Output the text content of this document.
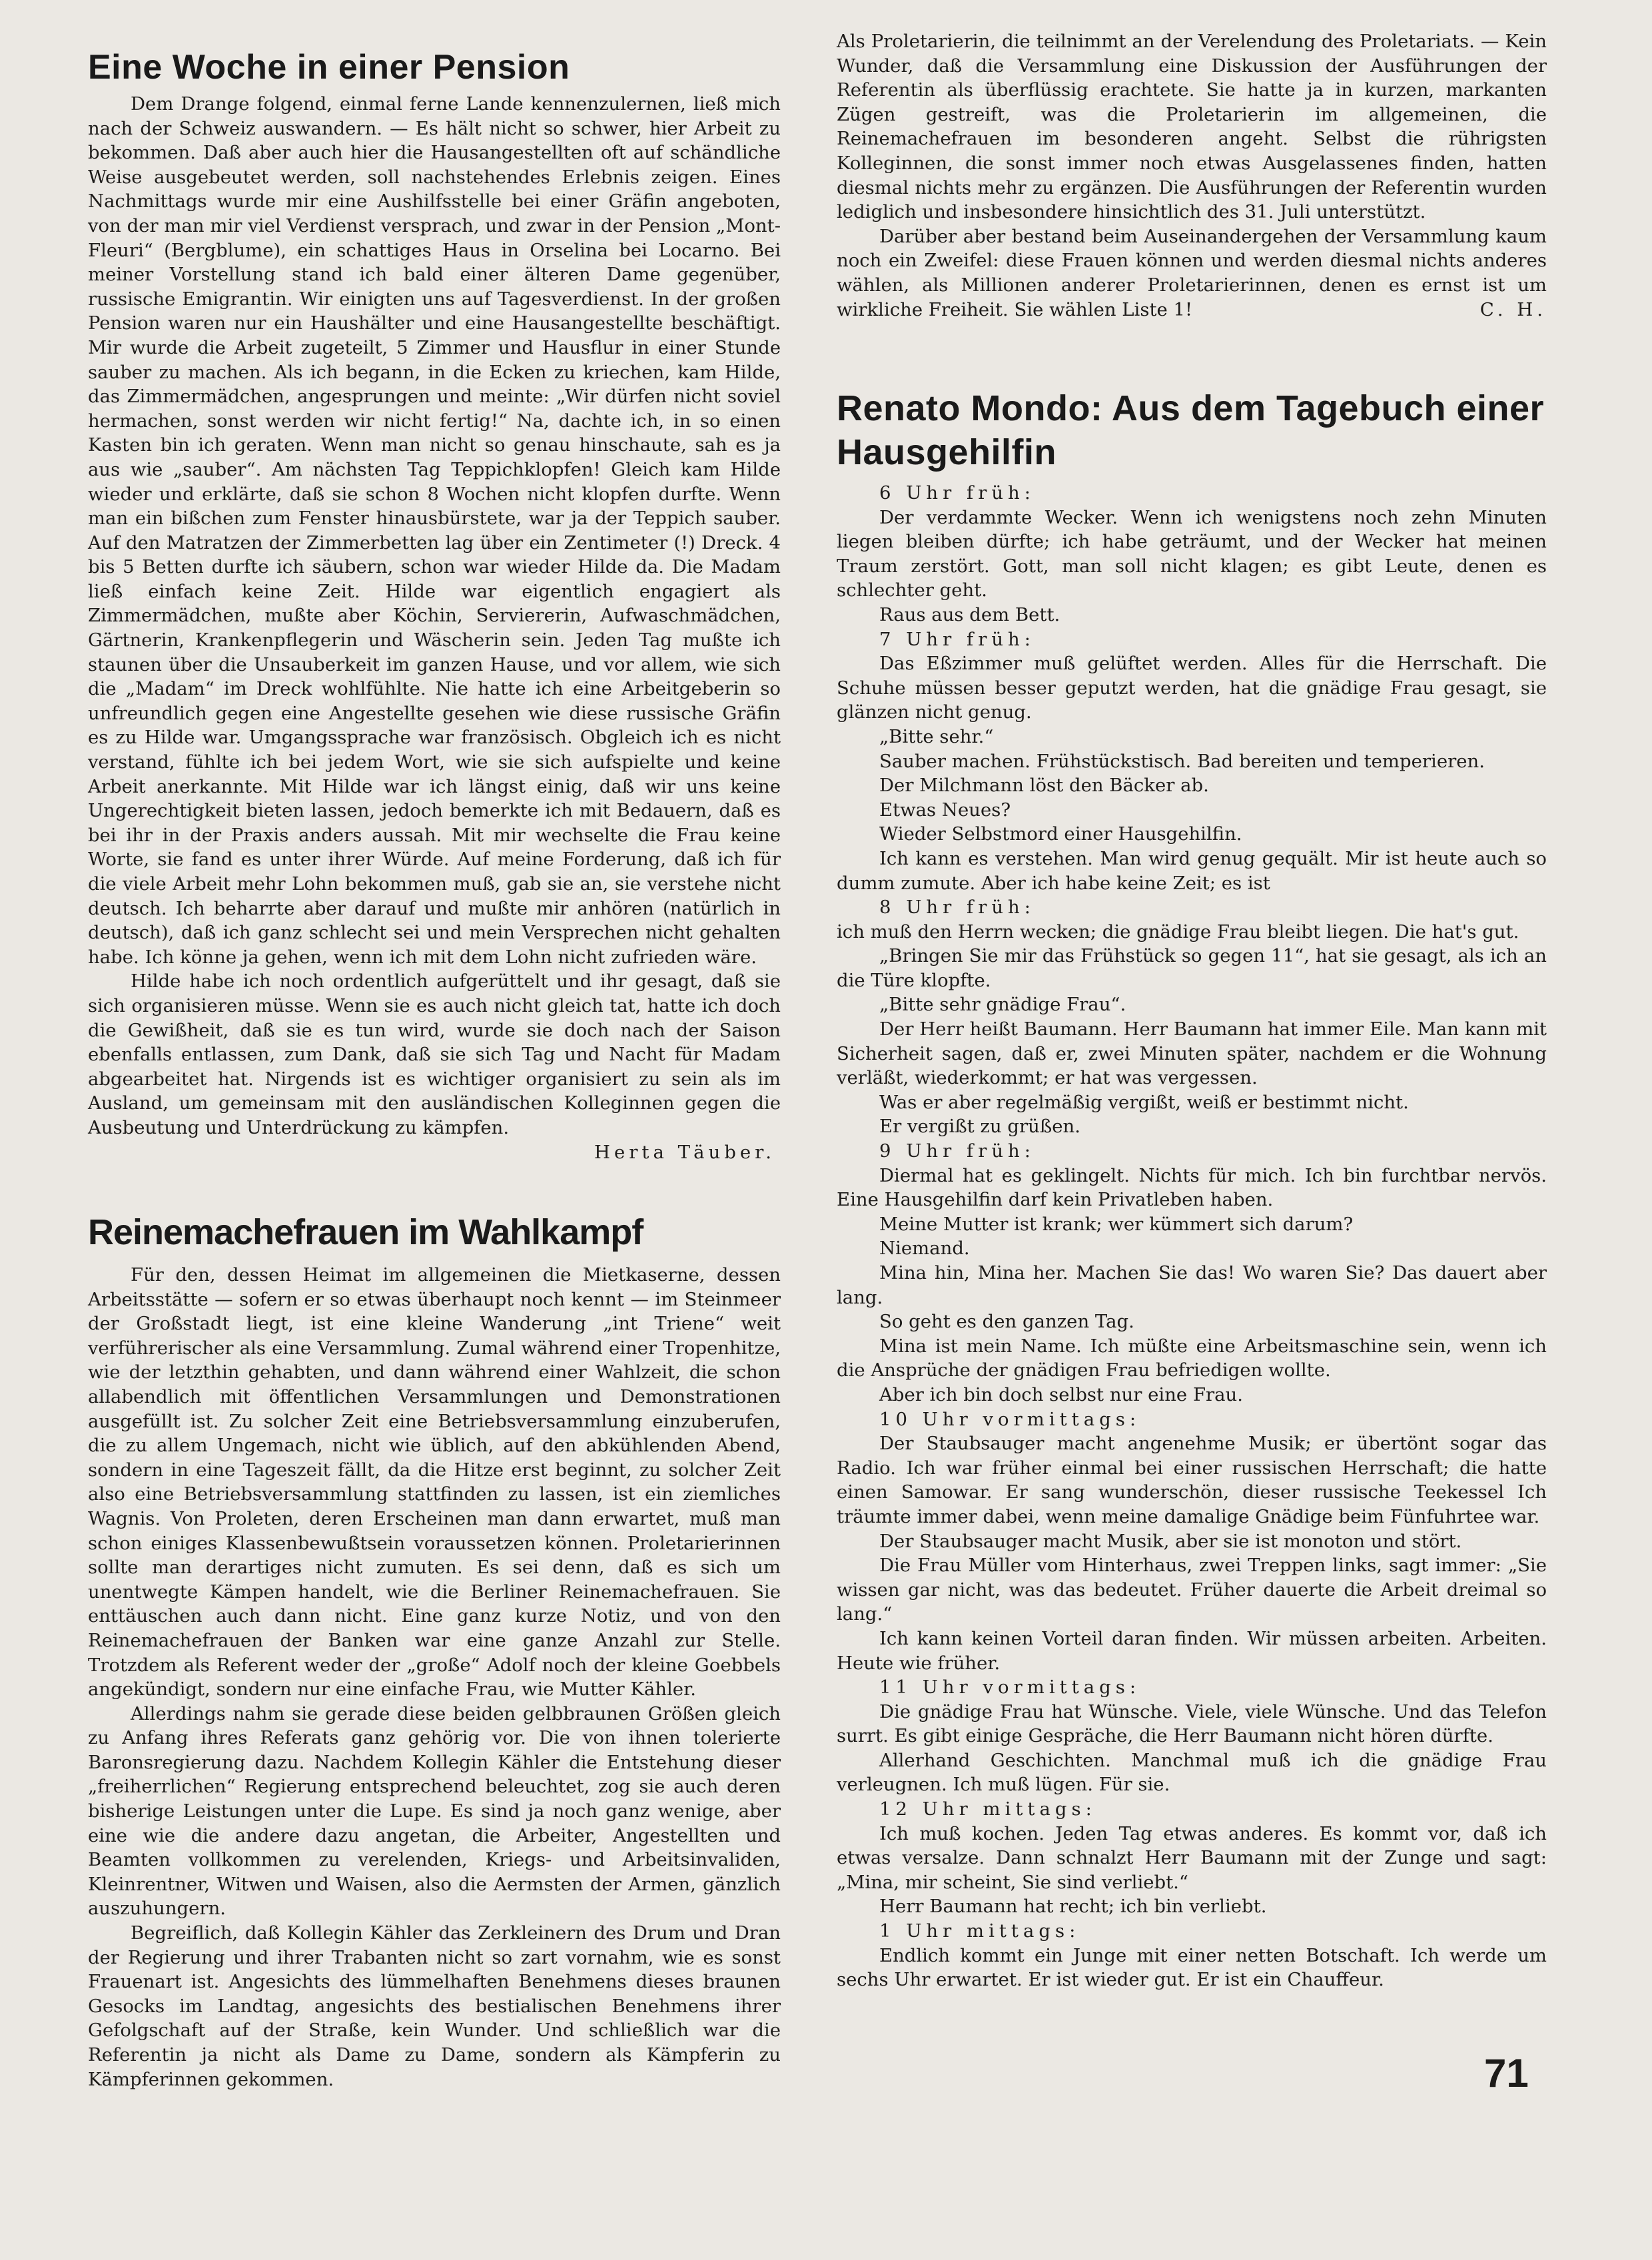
Eine Woche in einer Pension

Dem Drange folgend, einmal ferne Lande kennenzulernen, ließ mich nach der Schweiz auswandern. — Es hält nicht so schwer, hier Arbeit zu bekommen. Daß aber auch hier die Hausangestellten oft auf schändliche Weise ausgebeutet werden, soll nachstehendes Erlebnis zeigen. Eines Nachmittags wurde mir eine Aushilfsstelle bei einer Gräfin angeboten, von der man mir viel Verdienst versprach, und zwar in der Pension „Mont-Fleuri“ (Bergblume), ein schattiges Haus in Orselina bei Locarno. Bei meiner Vorstellung stand ich bald einer älteren Dame gegenüber, russische Emigrantin. Wir einigten uns auf Tagesverdienst. In der großen Pension waren nur ein Haushälter und eine Hausangestellte beschäftigt. Mir wurde die Arbeit zugeteilt, 5 Zimmer und Hausflur in einer Stunde sauber zu machen. Als ich begann, in die Ecken zu kriechen, kam Hilde, das Zimmermädchen, angesprungen und meinte: „Wir dürfen nicht soviel hermachen, sonst werden wir nicht fertig!“ Na, dachte ich, in so einen Kasten bin ich geraten. Wenn man nicht so genau hinschaute, sah es ja aus wie „sauber“. Am nächsten Tag Teppichklopfen! Gleich kam Hilde wieder und erklärte, daß sie schon 8 Wochen nicht klopfen durfte. Wenn man ein bißchen zum Fenster hinausbürstete, war ja der Teppich sauber. Auf den Matratzen der Zimmerbetten lag über ein Zentimeter (!) Dreck. 4 bis 5 Betten durfte ich säubern, schon war wieder Hilde da. Die Madam ließ einfach keine Zeit. Hilde war eigentlich engagiert als Zimmermädchen, mußte aber Köchin, Serviererin, Aufwaschmädchen, Gärtnerin, Krankenpflegerin und Wäscherin sein. Jeden Tag mußte ich staunen über die Unsauberkeit im ganzen Hause, und vor allem, wie sich die „Madam“ im Dreck wohlfühlte. Nie hatte ich eine Arbeitgeberin so unfreundlich gegen eine Angestellte gesehen wie diese russische Gräfin es zu Hilde war. Umgangssprache war französisch. Obgleich ich es nicht verstand, fühlte ich bei jedem Wort, wie sie sich aufspielte und keine Arbeit anerkannte. Mit Hilde war ich längst einig, daß wir uns keine Ungerechtigkeit bieten lassen, jedoch bemerkte ich mit Bedauern, daß es bei ihr in der Praxis anders aussah. Mit mir wechselte die Frau keine Worte, sie fand es unter ihrer Würde. Auf meine Forderung, daß ich für die viele Arbeit mehr Lohn bekommen muß, gab sie an, sie verstehe nicht deutsch. Ich beharrte aber darauf und mußte mir anhören (natürlich in deutsch), daß ich ganz schlecht sei und mein Versprechen nicht gehalten habe. Ich könne ja gehen, wenn ich mit dem Lohn nicht zufrieden wäre.

Hilde habe ich noch ordentlich aufgerüttelt und ihr gesagt, daß sie sich organisieren müsse. Wenn sie es auch nicht gleich tat, hatte ich doch die Gewißheit, daß sie es tun wird, wurde sie doch nach der Saison ebenfalls entlassen, zum Dank, daß sie sich Tag und Nacht für Madam abgearbeitet hat. Nirgends ist es wichtiger organisiert zu sein als im Ausland, um gemeinsam mit den ausländischen Kolleginnen gegen die Ausbeutung und Unterdrückung zu kämpfen.

Herta Täuber.

Reinemachefrauen im Wahlkampf

Für den, dessen Heimat im allgemeinen die Mietkaserne, dessen Arbeitsstätte — sofern er so etwas überhaupt noch kennt — im Steinmeer der Großstadt liegt, ist eine kleine Wanderung „int Triene“ weit verführerischer als eine Versammlung. Zumal während einer Tropenhitze, wie der letzthin gehabten, und dann während einer Wahlzeit, die schon allabendlich mit öffentlichen Versammlungen und Demonstrationen ausgefüllt ist. Zu solcher Zeit eine Betriebsversammlung einzuberufen, die zu allem Ungemach, nicht wie üblich, auf den abkühlenden Abend, sondern in eine Tageszeit fällt, da die Hitze erst beginnt, zu solcher Zeit also eine Betriebsversammlung stattfinden zu lassen, ist ein ziemliches Wagnis. Von Proleten, deren Erscheinen man dann erwartet, muß man schon einiges Klassenbewußtsein voraussetzen können. Proletarierinnen sollte man derartiges nicht zumuten. Es sei denn, daß es sich um unentwegte Kämpen handelt, wie die Berliner Reinemachefrauen. Sie enttäuschen auch dann nicht. Eine ganz kurze Notiz, und von den Reinemachefrauen der Banken war eine ganze Anzahl zur Stelle. Trotzdem als Referent weder der „große“ Adolf noch der kleine Goebbels angekündigt, sondern nur eine einfache Frau, wie Mutter Kähler.

Allerdings nahm sie gerade diese beiden gelbbraunen Größen gleich zu Anfang ihres Referats ganz gehörig vor. Die von ihnen tolerierte Baronsregierung dazu. Nachdem Kollegin Kähler die Entstehung dieser „freiherrlichen“ Regierung entsprechend beleuchtet, zog sie auch deren bisherige Leistungen unter die Lupe. Es sind ja noch ganz wenige, aber eine wie die andere dazu angetan, die Arbeiter, Angestellten und Beamten vollkommen zu verelenden, Kriegs- und Arbeitsinvaliden, Kleinrentner, Witwen und Waisen, also die Aermsten der Armen, gänzlich auszuhungern.

Begreiflich, daß Kollegin Kähler das Zerkleinern des Drum und Dran der Regierung und ihrer Trabanten nicht so zart vornahm, wie es sonst Frauenart ist. Angesichts des lümmelhaften Benehmens dieses braunen Gesocks im Landtag, angesichts des bestialischen Benehmens ihrer Gefolgschaft auf der Straße, kein Wunder. Und schließlich war die Referentin ja nicht als Dame zu Dame, sondern als Kämpferin zu Kämpferinnen gekommen.

Als Proletarierin, die teilnimmt an der Verelendung des Proletariats. — Kein Wunder, daß die Versammlung eine Diskussion der Ausführungen der Referentin als überflüssig erachtete. Sie hatte ja in kurzen, markanten Zügen gestreift, was die Proletarierin im allgemeinen, die Reinemachefrauen im besonderen angeht. Selbst die rührigsten Kolleginnen, die sonst immer noch etwas Ausgelassenes finden, hatten diesmal nichts mehr zu ergänzen. Die Ausführungen der Referentin wurden lediglich und insbesondere hinsichtlich des 31. Juli unterstützt.

Darüber aber bestand beim Auseinandergehen der Versammlung kaum noch ein Zweifel: diese Frauen können und werden diesmal nichts anderes wählen, als Millionen anderer Proletarierinnen, denen es ernst ist um wirkliche Freiheit. Sie wählen Liste 1!	C. H.

Renato Mondo: Aus dem Tagebuch einer Hausgehilfin

6 Uhr früh:

Der verdammte Wecker. Wenn ich wenigstens noch zehn Minuten liegen bleiben dürfte; ich habe geträumt, und der Wecker hat meinen Traum zerstört. Gott, man soll nicht klagen; es gibt Leute, denen es schlechter geht.

Raus aus dem Bett.

7 Uhr früh:

Das Eßzimmer muß gelüftet werden. Alles für die Herrschaft. Die Schuhe müssen besser geputzt werden, hat die gnädige Frau gesagt, sie glänzen nicht genug.

„Bitte sehr.“

Sauber machen. Frühstückstisch. Bad bereiten und temperieren.

Der Milchmann löst den Bäcker ab.

Etwas Neues?

Wieder Selbstmord einer Hausgehilfin.

Ich kann es verstehen. Man wird genug gequält. Mir ist heute auch so dumm zumute. Aber ich habe keine Zeit; es ist

8 Uhr früh:

ich muß den Herrn wecken; die gnädige Frau bleibt liegen. Die hat's gut.

„Bringen Sie mir das Frühstück so gegen 11“, hat sie gesagt, als ich an die Türe klopfte.

„Bitte sehr gnädige Frau“.

Der Herr heißt Baumann. Herr Baumann hat immer Eile. Man kann mit Sicherheit sagen, daß er, zwei Minuten später, nachdem er die Wohnung verläßt, wiederkommt; er hat was vergessen.

Was er aber regelmäßig vergißt, weiß er bestimmt nicht.

Er vergißt zu grüßen.

9 Uhr früh:

Diermal hat es geklingelt. Nichts für mich. Ich bin furchtbar nervös. Eine Hausgehilfin darf kein Privatleben haben.

Meine Mutter ist krank; wer kümmert sich darum?

Niemand.

Mina hin, Mina her. Machen Sie das! Wo waren Sie? Das dauert aber lang.

So geht es den ganzen Tag.

Mina ist mein Name. Ich müßte eine Arbeitsmaschine sein, wenn ich die Ansprüche der gnädigen Frau befriedigen wollte.

Aber ich bin doch selbst nur eine Frau.

10 Uhr vormittags:

Der Staubsauger macht angenehme Musik; er übertönt sogar das Radio. Ich war früher einmal bei einer russischen Herrschaft; die hatte einen Samowar. Er sang wunderschön, dieser russische Teekessel Ich träumte immer dabei, wenn meine damalige Gnädige beim Fünfuhrtee war.

Der Staubsauger macht Musik, aber sie ist monoton und stört.

Die Frau Müller vom Hinterhaus, zwei Treppen links, sagt immer: „Sie wissen gar nicht, was das bedeutet. Früher dauerte die Arbeit dreimal so lang.“

Ich kann keinen Vorteil daran finden. Wir müssen arbeiten. Arbeiten. Heute wie früher.

11 Uhr vormittags:

Die gnädige Frau hat Wünsche. Viele, viele Wünsche. Und das Telefon surrt. Es gibt einige Gespräche, die Herr Baumann nicht hören dürfte.

Allerhand Geschichten. Manchmal muß ich die gnädige Frau verleugnen. Ich muß lügen. Für sie.

12 Uhr mittags:

Ich muß kochen. Jeden Tag etwas anderes. Es kommt vor, daß ich etwas versalze. Dann schnalzt Herr Baumann mit der Zunge und sagt: „Mina, mir scheint, Sie sind verliebt.“

Herr Baumann hat recht; ich bin verliebt.

1 Uhr mittags:

Endlich kommt ein Junge mit einer netten Botschaft. Ich werde um sechs Uhr erwartet. Er ist wieder gut. Er ist ein Chauffeur.

71
